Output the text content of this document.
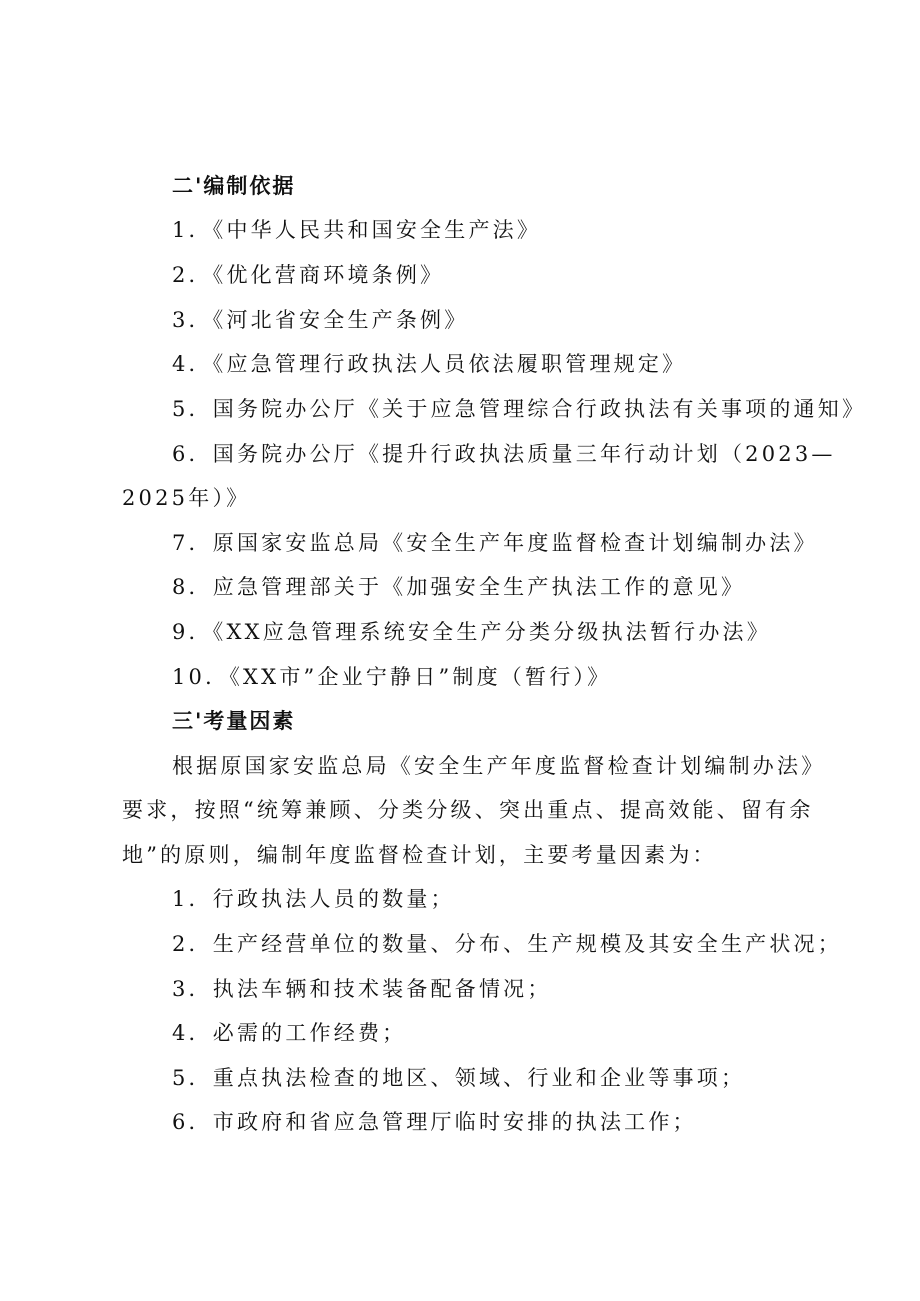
二'编制依据
1．《中华人民共和国安全生产法》
2．《优化营商环境条例》
3．《河北省安全生产条例》
4．《应急管理行政执法人员依法履职管理规定》
5．国务院办公厅《关于应急管理综合行政执法有关事项的通知》
6．国务院办公厅《提升行政执法质量三年行动计划（2023—
2025年）》
7．原国家安监总局《安全生产年度监督检查计划编制办法》
8．应急管理部关于《加强安全生产执法工作的意见》
9．《XX应急管理系统安全生产分类分级执法暂行办法》
10．《XX市”企业宁静日”制度（暂行）》
三'考量因素
根据原国家安监总局《安全生产年度监督检查计划编制办法》
要求，按照“统筹兼顾、分类分级、突出重点、提高效能、留有余
地”的原则，编制年度监督检查计划，主要考量因素为：
1．行政执法人员的数量；
2．生产经营单位的数量、分布、生产规模及其安全生产状况；
3．执法车辆和技术装备配备情况；
4．必需的工作经费；
5．重点执法检查的地区、领域、行业和企业等事项；
6．市政府和省应急管理厅临时安排的执法工作；
